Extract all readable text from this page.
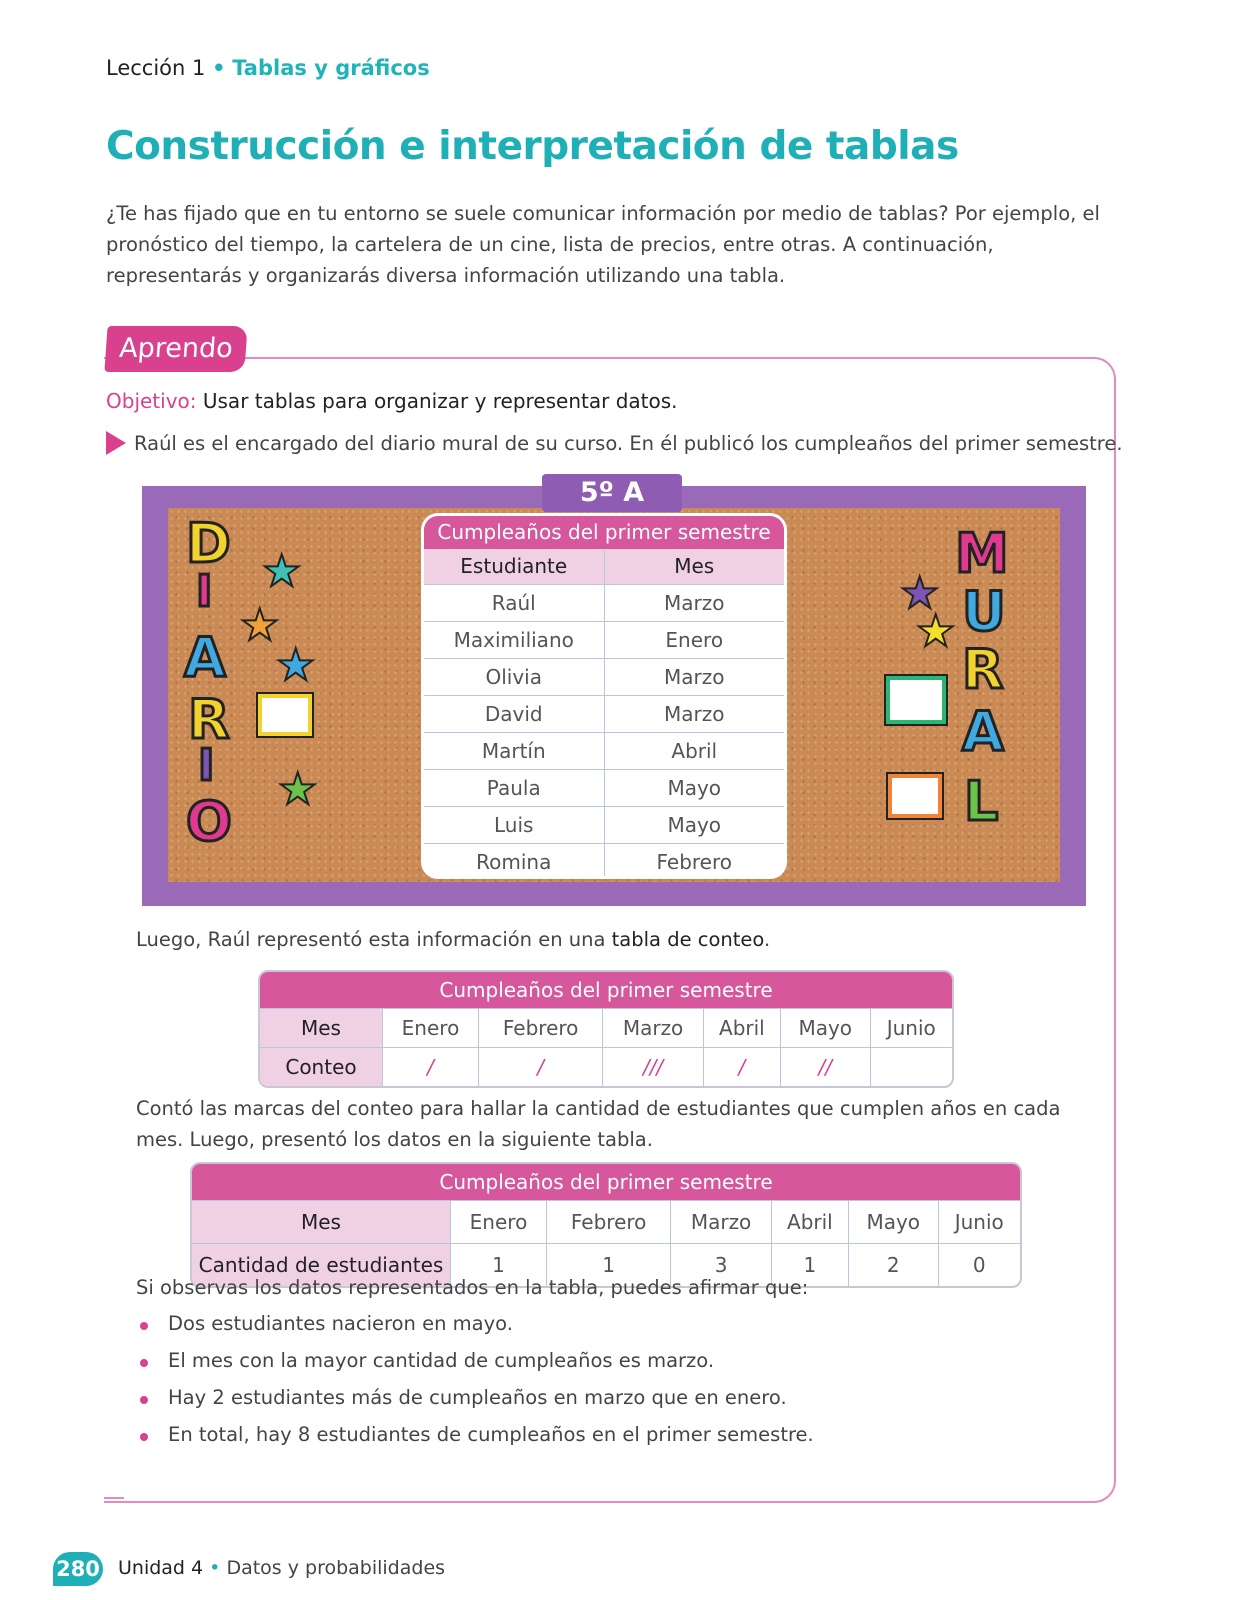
Lección 1 • Tablas y gráficos
Construcción e interpretación de tablas
¿Te has fijado que en tu entorno se suele comunicar información por medio de tablas? Por ejemplo, el pronóstico del tiempo, la cartelera de un cine, lista de precios, entre otras. A continuación, representarás y organizarás diversa información utilizando una tabla.
Aprendo
Objetivo: Usar tablas para organizar y representar datos.
Raúl es el encargado del diario mural de su curso. En él publicó los cumpleaños del primer semestre.
5º A
D
I
A
R
I
O
★
★
★
★
M
U
R
A
L
★
★
Cumpleaños del primer semestre
Estudiante	Mes
Raúl	Marzo
Maximiliano	Enero
Olivia	Marzo
David	Marzo
Martín	Abril
Paula	Mayo
Luis	Mayo
Romina	Febrero
Luego, Raúl representó esta información en una tabla de conteo.
Cumpleaños del primer semestre						
Mes	Enero	Febrero	Marzo	Abril	Mayo	Junio
Conteo	/	/	///	/	//	
Contó las marcas del conteo para hallar la cantidad de estudiantes que cumplen años en cada mes. Luego, presentó los datos en la siguiente tabla.
Cumpleaños del primer semestre						
Mes	Enero	Febrero	Marzo	Abril	Mayo	Junio
Cantidad de estudiantes	1	1	3	1	2	0
Si observas los datos representados en la tabla, puedes afirmar que:
Dos estudiantes nacieron en mayo.
El mes con la mayor cantidad de cumpleaños es marzo.
Hay 2 estudiantes más de cumpleaños en marzo que en enero.
En total, hay 8 estudiantes de cumpleaños en el primer semestre.
280 Unidad 4 • Datos y probabilidades
